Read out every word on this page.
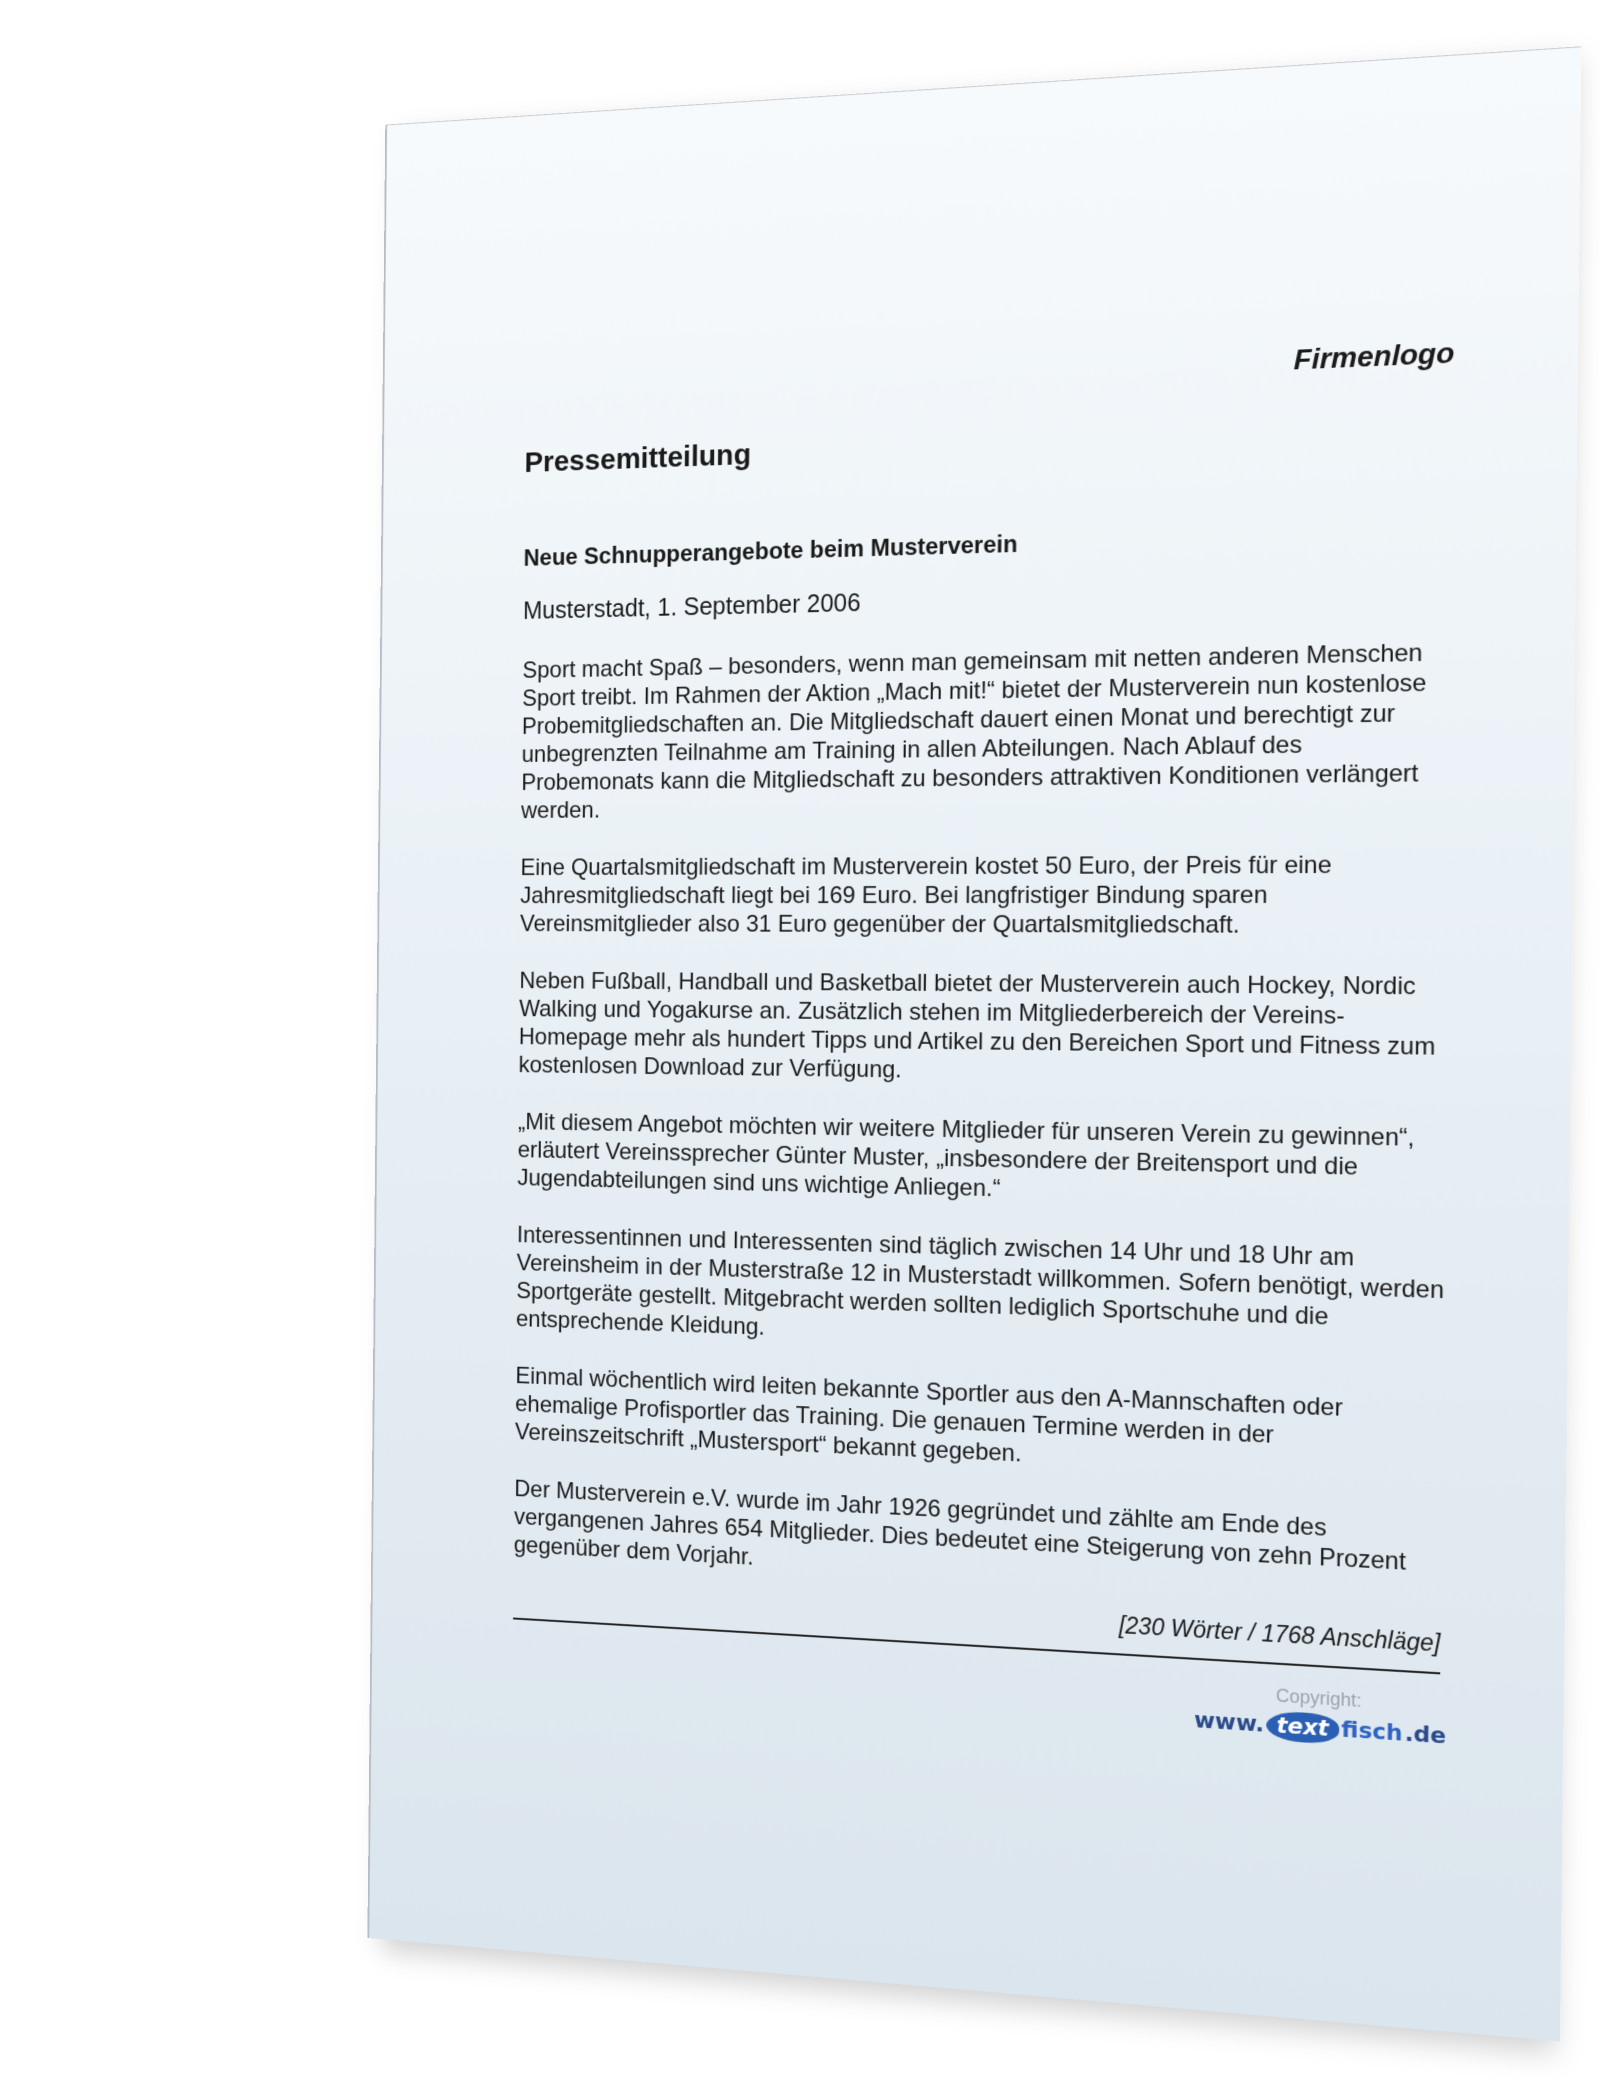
Firmenlogo
Pressemitteilung
Neue Schnupperangebote beim Musterverein
Musterstadt, 1. September 2006

Sport macht Spaß – besonders, wenn man gemeinsam mit netten anderen Menschen Sport treibt. Im Rahmen der Aktion „Mach mit!“ bietet der Musterverein nun kostenlose Probemitgliedschaften an. Die Mitgliedschaft dauert einen Monat und berechtigt zur unbegrenzten Teilnahme am Training in allen Abteilungen. Nach Ablauf des Probemonats kann die Mitgliedschaft zu besonders attraktiven Konditionen verlängert werden.

Eine Quartalsmitgliedschaft im Musterverein kostet 50 Euro, der Preis für eine Jahresmitgliedschaft liegt bei 169 Euro. Bei langfristiger Bindung sparen Vereinsmitglieder also 31 Euro gegenüber der Quartalsmitgliedschaft.

Neben Fußball, Handball und Basketball bietet der Musterverein auch Hockey, Nordic Walking und Yogakurse an. Zusätzlich stehen im Mitgliederbereich der Vereins-Homepage mehr als hundert Tipps und Artikel zu den Bereichen Sport und Fitness zum kostenlosen Download zur Verfügung.

„Mit diesem Angebot möchten wir weitere Mitglieder für unseren Verein zu gewinnen“, erläutert Vereinssprecher Günter Muster, „insbesondere der Breitensport und die Jugendabteilungen sind uns wichtige Anliegen.“

Interessentinnen und Interessenten sind täglich zwischen 14 Uhr und 18 Uhr am Vereinsheim in der Musterstraße 12 in Musterstadt willkommen. Sofern benötigt, werden Sportgeräte gestellt. Mitgebracht werden sollten lediglich Sportschuhe und die entsprechende Kleidung.

Einmal wöchentlich wird leiten bekannte Sportler aus den A-Mannschaften oder ehemalige Profisportler das Training. Die genauen Termine werden in der Vereinszeitschrift „Mustersport“ bekannt gegeben.

Der Musterverein e.V. wurde im Jahr 1926 gegründet und zählte am Ende des vergangenen Jahres 654 Mitglieder. Dies bedeutet eine Steigerung von zehn Prozent gegenüber dem Vorjahr.

[230 Wörter / 1768 Anschläge]
Copyright:
www. text fisch .de
